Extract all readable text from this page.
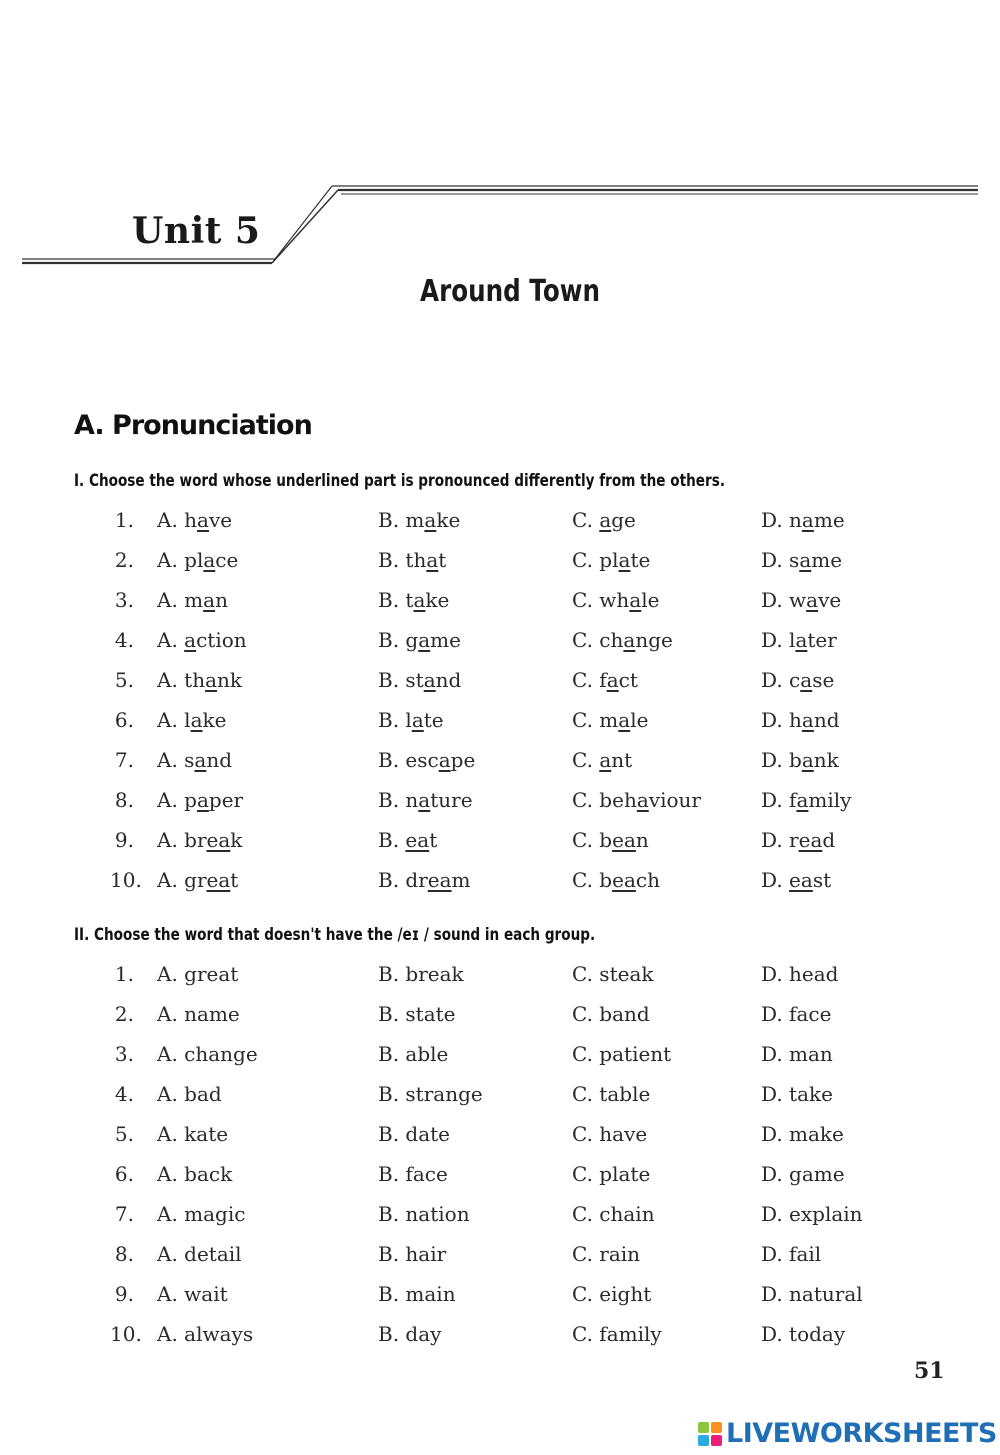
Unit 5
Around Town
A. Pronunciation
I. Choose the word whose underlined part is pronounced differently from the others.
II. Choose the word that doesn't have the /eɪ / sound in each group.
1. A. have	B. make	C. age	D. name
2. A. place	B. that	C. plate	D. same
3. A. man	B. take	C. whale	D. wave
4. A. action	B. game	C. change	D. later
5. A. thank	B. stand	C. fact	D. case
6. A. lake	B. late	C. male	D. hand
7. A. sand	B. escape	C. ant	D. bank
8. A. paper	B. nature	C. behaviour	D. family
9. A. break	B. eat	C. bean	D. read
10. A. great	B. dream	C. beach	D. east
1. A. great	B. break	C. steak	D. head
2. A. name	B. state	C. band	D. face
3. A. change	B. able	C. patient	D. man
4. A. bad	B. strange	C. table	D. take
5. A. kate	B. date	C. have	D. make
6. A. back	B. face	C. plate	D. game
7. A. magic	B. nation	C. chain	D. explain
8. A. detail	B. hair	C. rain	D. fail
9. A. wait	B. main	C. eight	D. natural
10. A. always	B. day	C. family	D. today
51
LIVEWORKSHEETS
